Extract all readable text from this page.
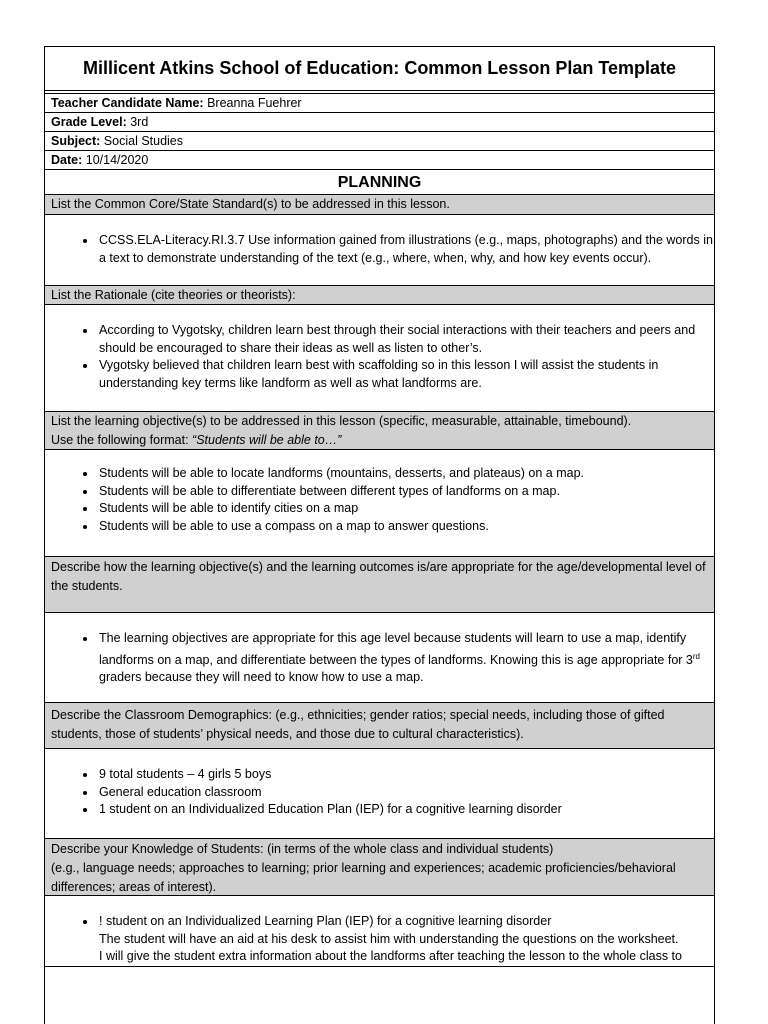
Millicent Atkins School of Education: Common Lesson Plan Template
Teacher Candidate Name: Breanna Fuehrer
Grade Level: 3rd
Subject: Social Studies
Date: 10/14/2020
PLANNING
List the Common Core/State Standard(s) to be addressed in this lesson.
• CCSS.ELA-Literacy.RI.3.7 Use information gained from illustrations (e.g., maps, photographs) and the words in a text to demonstrate understanding of the text (e.g., where, when, why, and how key events occur).
List the Rationale (cite theories or theorists):
• According to Vygotsky, children learn best through their social interactions with their teachers and peers and should be encouraged to share their ideas as well as listen to other’s.
• Vygotsky believed that children learn best with scaffolding so in this lesson I will assist the students in understanding key terms like landform as well as what landforms are.
List the learning objective(s) to be addressed in this lesson (specific, measurable, attainable, timebound).
Use the following format: “Students will be able to…”
• Students will be able to locate landforms (mountains, desserts, and plateaus) on a map.
• Students will be able to differentiate between different types of landforms on a map.
• Students will be able to identify cities on a map
• Students will be able to use a compass on a map to answer questions.
Describe how the learning objective(s) and the learning outcomes is/are appropriate for the age/developmental level of the students.
• The learning objectives are appropriate for this age level because students will learn to use a map, identify landforms on a map, and differentiate between the types of landforms. Knowing this is age appropriate for 3rd graders because they will need to know how to use a map.
Describe the Classroom Demographics: (e.g., ethnicities; gender ratios; special needs, including those of gifted students, those of students’ physical needs, and those due to cultural characteristics).
• 9 total students – 4 girls 5 boys
• General education classroom
• 1 student on an Individualized Education Plan (IEP) for a cognitive learning disorder
Describe your Knowledge of Students: (in terms of the whole class and individual students)
(e.g., language needs; approaches to learning; prior learning and experiences; academic proficiencies/behavioral differences; areas of interest).
• ! student on an Individualized Learning Plan (IEP) for a cognitive learning disorder
The student will have an aid at his desk to assist him with understanding the questions on the worksheet.
I will give the student extra information about the landforms after teaching the lesson to the whole class to
